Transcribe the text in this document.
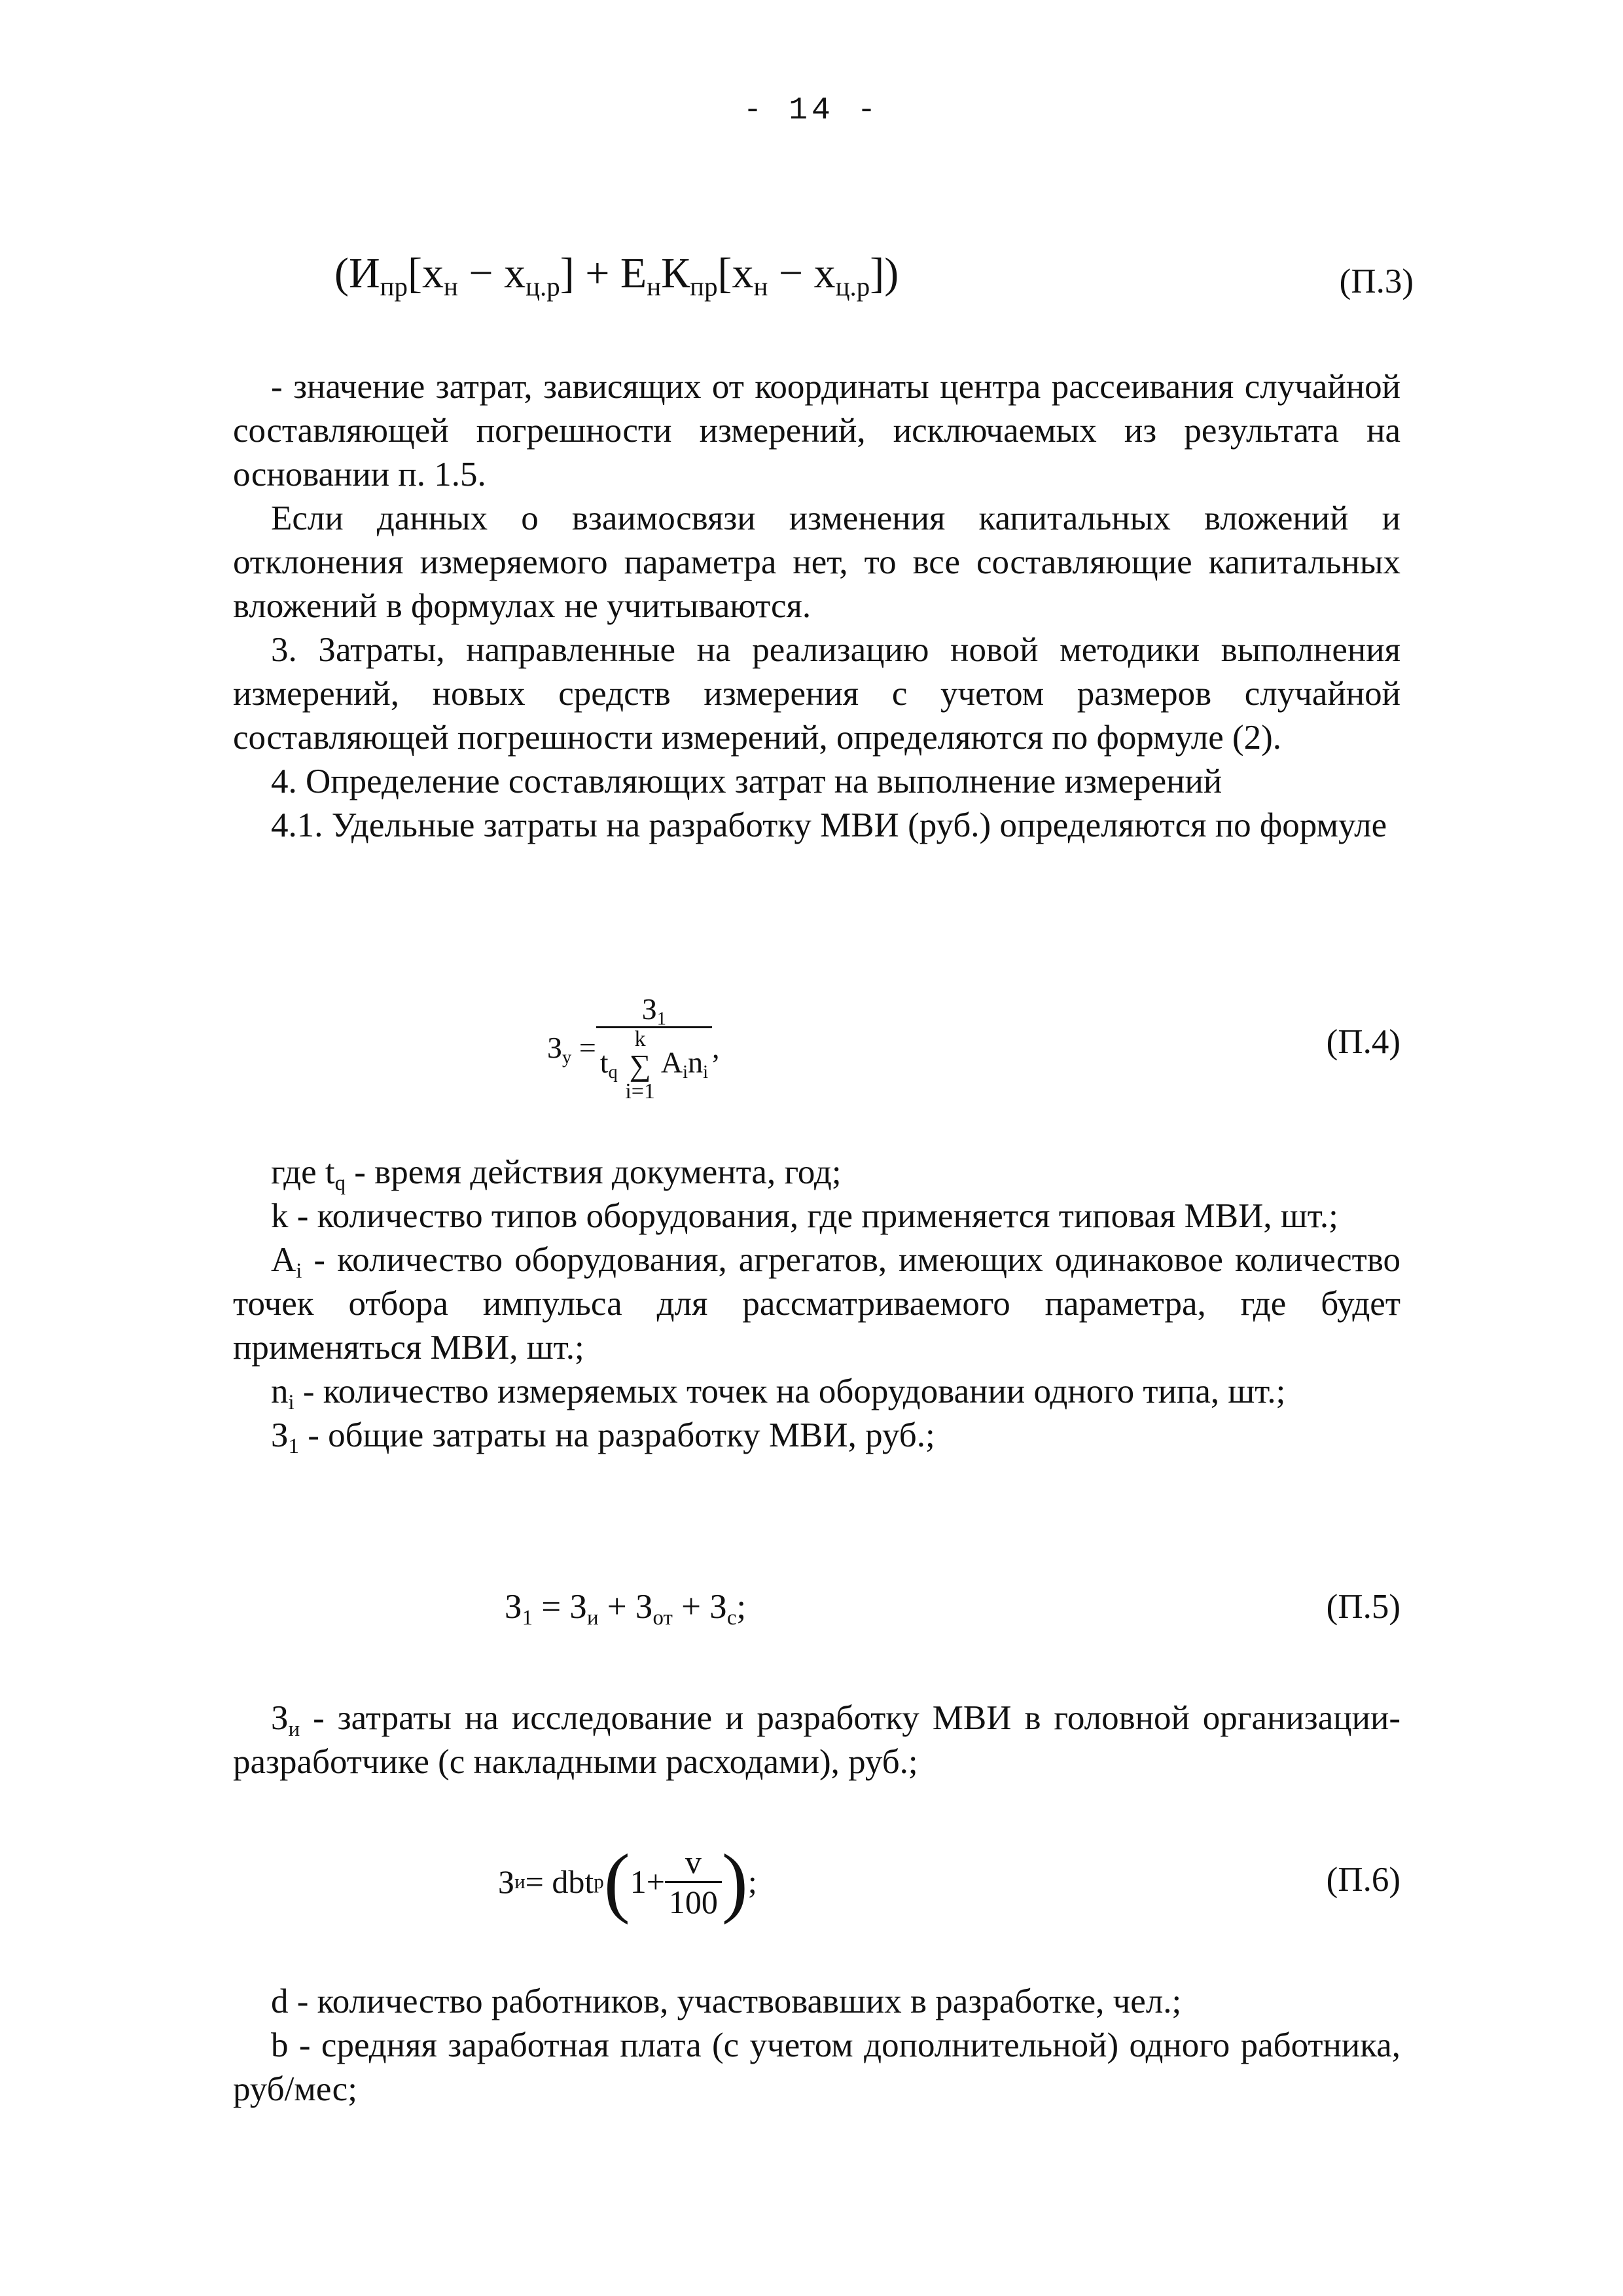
- 14 -
$(И_{пр}[x_н - x_{ц.р}] + Е_нК_{пр}[x_н - x_{ц.р}])$	(П.3)

- значение затрат, зависящих от координаты центра рассеивания случайной составляющей погрешности измерений, исключаемых из результата на основании п. 1.5.

Если данных о взаимосвязи изменения капитальных вложений и отклонения измеряемого параметра нет, то все составляющие капитальных вложений в формулах не учитываются.

3. Затраты, направленные на реализацию новой методики выполнения измерений, новых средств измерения с учетом размеров случайной составляющей погрешности измерений, определяются по формуле (2).

4. Определение составляющих затрат на выполнение измерений

4.1. Удельные затраты на разработку МВИ (руб.) определяются по формуле

$З_у$ =
$З_1$
$t_q$
k
∑
i=1
$A_in_i$
,	(П.4)

где $t_q$ - время действия документа, год;

k - количество типов оборудования, где применяется типовая МВИ, шт.;

$A_i$ - количество оборудования, агрегатов, имеющих одинаковое количество точек отбора импульса для рассматриваемого параметра, где будет применяться МВИ, шт.;

$n_i$ - количество измеряемых точек на оборудовании одного типа, шт.;

$З_1$ - общие затраты на разработку МВИ, руб.;

$З_1 = З_и + З_{от} + З_с$;	(П.5)

$З_и$ - затраты на исследование и разработку МВИ в головной организации-разработчике (с накладными расходами), руб.;

З и = dbt р ( $1+ \frac{v}{100}$ ) ;	(П.6)

d - количество работников, участвовавших в разработке, чел.;

b - средняя заработная плата (с учетом дополнительной) одного работника, руб/мес;
